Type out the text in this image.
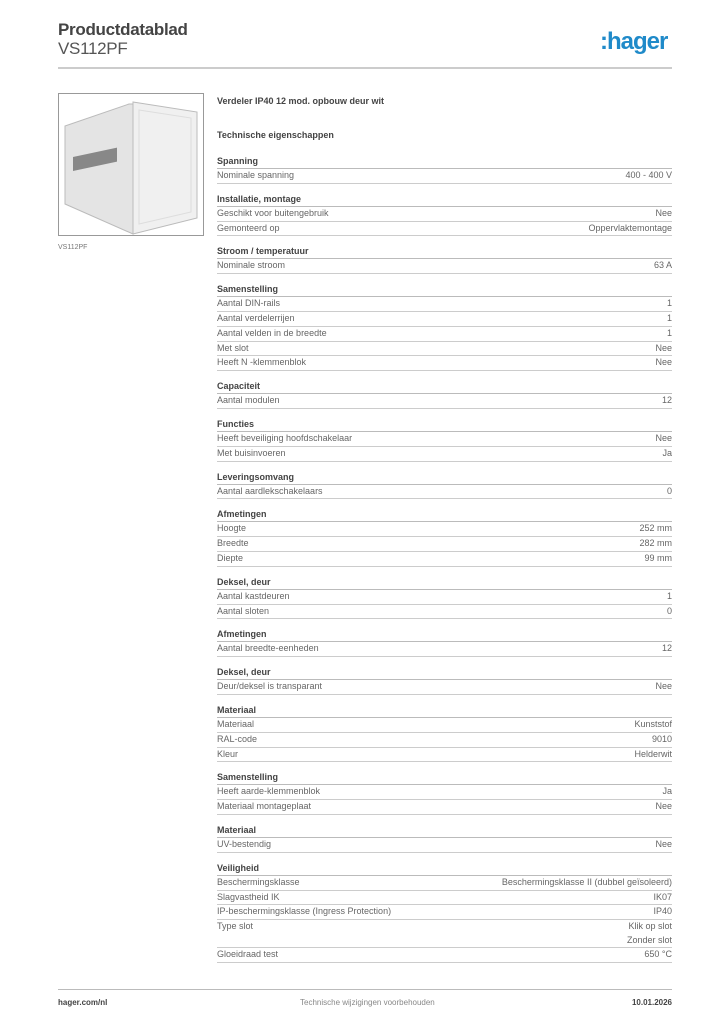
Productdatablad
VS112PF	:hager
VS112PF
Verdeler IP40 12 mod. opbouw deur wit
Technische eigenschappen
Spanning
Nominale spanning	400 - 400 V
Installatie, montage
Geschikt voor buitengebruik	Nee
Gemonteerd op	Oppervlaktemontage
Stroom / temperatuur
Nominale stroom	63 A
Samenstelling
Aantal DIN-rails	1
Aantal verdelerrijen	1
Aantal velden in de breedte	1
Met slot	Nee
Heeft N -klemmenblok	Nee
Capaciteit
Aantal modulen	12
Functies
Heeft beveiliging hoofdschakelaar	Nee
Met buisinvoeren	Ja
Leveringsomvang
Aantal aardlekschakelaars	0
Afmetingen
Hoogte	252 mm
Breedte	282 mm
Diepte	99 mm
Deksel, deur
Aantal kastdeuren	1
Aantal sloten	0
Afmetingen
Aantal breedte-eenheden	12
Deksel, deur
Deur/deksel is transparant	Nee
Materiaal
Materiaal	Kunststof
RAL-code	9010
Kleur	Helderwit
Samenstelling
Heeft aarde-klemmenblok	Ja
Materiaal montageplaat	Nee
Materiaal
UV-bestendig	Nee
Veiligheid
Beschermingsklasse	Beschermingsklasse II (dubbel geïsoleerd)
Slagvastheid IK	IK07
IP-beschermingsklasse (Ingress Protection)	IP40
Type slot	Klik op slot
Zonder slot
Gloeidraad test	650 °C
hager.com/nl	Technische wijzigingen voorbehouden	10.01.2026
